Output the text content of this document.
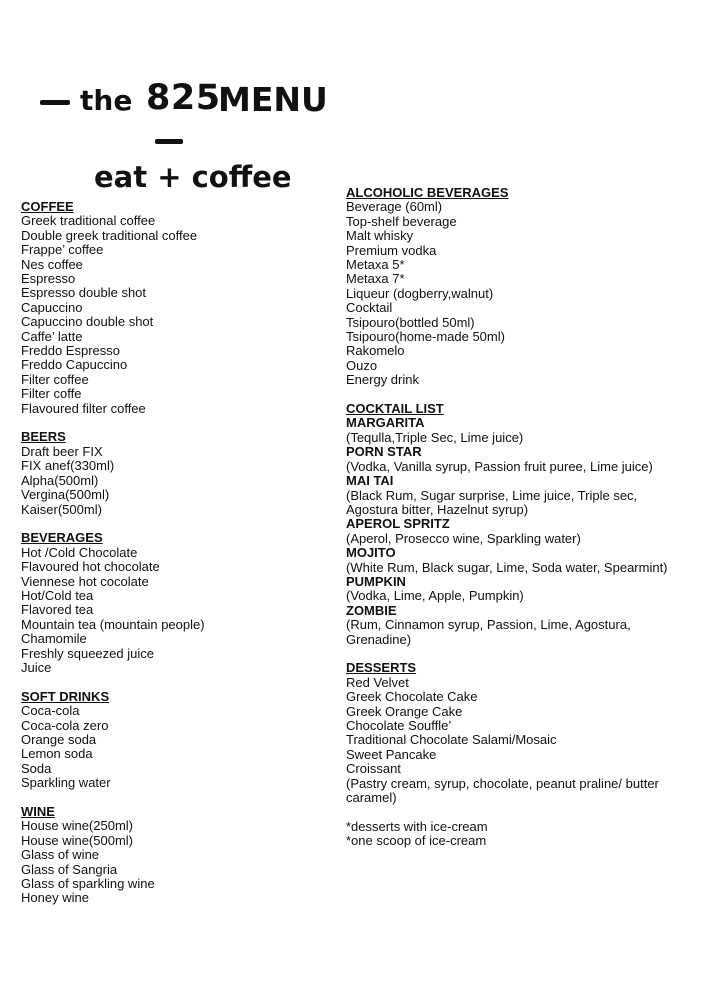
the 825
MENU
eat + coffee
COFFEE
Greek traditional coffee
Double greek traditional coffee
Frappe’ coffee
Nes coffee
Espresso
Espresso double shot
Capuccino
Capuccino double shot
Caffe’ latte
Freddo Espresso
Freddo Capuccino
Filter coffee
Filter coffe
Flavoured filter coffee
BEERS
Draft beer FIX
FIX anef(330ml)
Alpha(500ml)
Vergina(500ml)
Kaiser(500ml)
BEVERAGES
Hot /Cold Chocolate
Flavoured hot chocolate
Viennese hot cocolate
Hot/Cold tea
Flavored tea
Mountain tea (mountain people)
Chamomile
Freshly squeezed juice
Juice
SOFT DRINKS
Coca-cola
Coca-cola zero
Orange soda
Lemon soda
Soda
Sparkling water
WINE
House wine(250ml)
House wine(500ml)
Glass of wine
Glass of Sangria
Glass of sparkling wine
Honey wine
ALCOHOLIC BEVERAGES
Beverage (60ml)
Top-shelf beverage
Malt whisky
Premium vodka
Metaxa 5*
Metaxa 7*
Liqueur (dogberry,walnut)
Cocktail
Tsipouro(bottled 50ml)
Tsipouro(home-made 50ml)
Rakomelo
Ouzo
Energy drink
COCKTAIL LIST
MARGARITA
(Tequlla,Triple Sec, Lime juice)
PORN STAR
(Vodka, Vanilla syrup, Passion fruit puree, Lime juice)
MAI TAI
(Black Rum, Sugar surprise, Lime juice, Triple sec, Agostura bitter, Hazelnut syrup)
APEROL SPRITZ
(Aperol, Prosecco wine, Sparkling water)
MOJITO
(White Rum, Black sugar, Lime, Soda water, Spearmint)
PUMPKIN
(Vodka, Lime, Apple, Pumpkin)
ZOMBIE
(Rum, Cinnamon syrup, Passion, Lime, Agostura, Grenadine)
DESSERTS
Red Velvet
Greek Chocolate Cake
Greek Orange Cake
Chocolate Souffle’
Traditional Chocolate Salami/Mosaic
Sweet Pancake
Croissant
(Pastry cream, syrup, chocolate, peanut praline/ butter caramel)
*desserts with ice-cream
*one scoop of ice-cream
